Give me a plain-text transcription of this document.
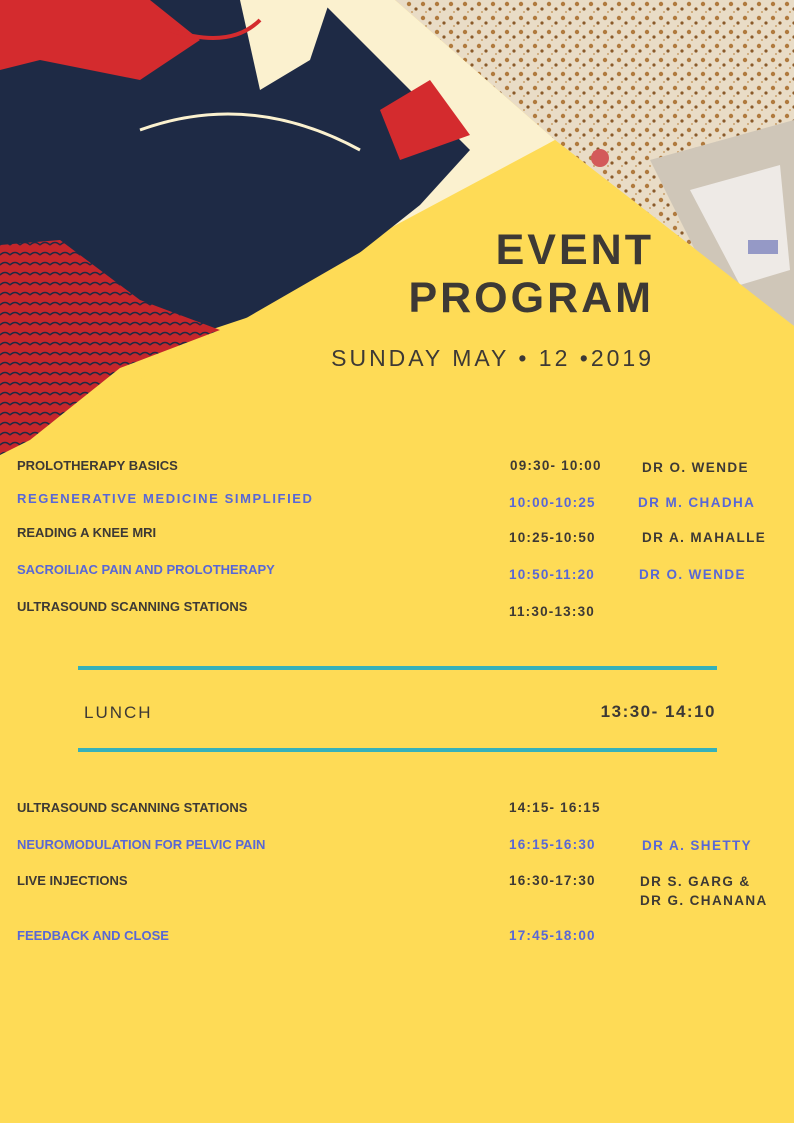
EVENT
PROGRAM
SUNDAY MAY • 12 •2019
PROLOTHERAPY BASICS	09:30- 10:00	DR O. WENDE
REGENERATIVE MEDICINE SIMPLIFIED	10:00-10:25	DR M. CHADHA
READING A KNEE MRI	10:25-10:50	DR A. MAHALLE
SACROILIAC PAIN AND PROLOTHERAPY	10:50-11:20	DR O. WENDE
ULTRASOUND SCANNING STATIONS	11:30-13:30
LUNCH	13:30- 14:10
ULTRASOUND SCANNING STATIONS	14:15- 16:15
NEUROMODULATION FOR PELVIC PAIN	16:15-16:30	DR A. SHETTY
LIVE INJECTIONS	16:30-17:30	DR S. GARG &
DR G. CHANANA
FEEDBACK AND CLOSE	17:45-18:00
